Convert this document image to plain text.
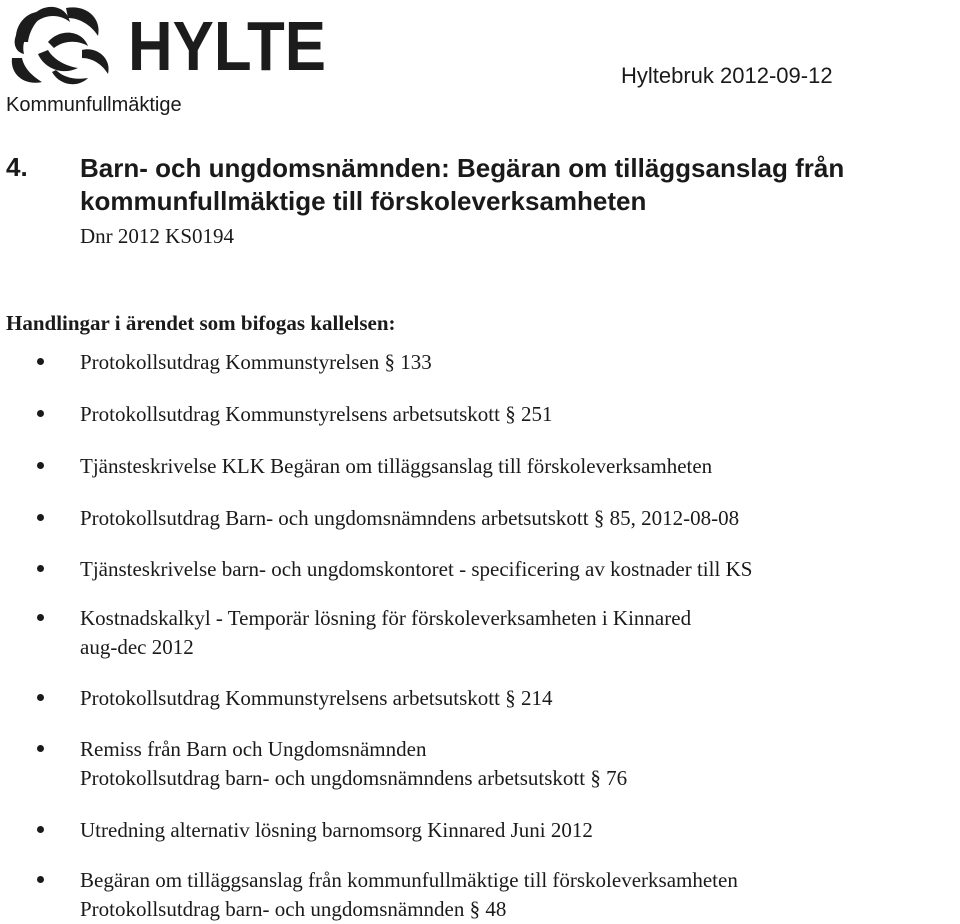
HYLTE
Kommunfullmäktige
Hyltebruk 2012-09-12
4. Barn- och ungdomsnämnden: Begäran om tilläggsanslag från kommunfullmäktige till förskoleverksamheten
Dnr 2012 KS0194
Handlingar i ärendet som bifogas kallelsen:
Protokollsutdrag Kommunstyrelsen § 133
Protokollsutdrag Kommunstyrelsens arbetsutskott § 251
Tjänsteskrivelse KLK Begäran om tilläggsanslag till förskoleverksamheten
Protokollsutdrag Barn- och ungdomsnämndens arbetsutskott § 85, 2012-08-08
Tjänsteskrivelse barn- och ungdomskontoret - specificering av kostnader till KS
Kostnadskalkyl - Temporär lösning för förskoleverksamheten i Kinnared
aug-dec 2012
Protokollsutdrag Kommunstyrelsens arbetsutskott § 214
Remiss från Barn och Ungdomsnämnden
Protokollsutdrag barn- och ungdomsnämndens arbetsutskott § 76
Utredning alternativ lösning barnomsorg Kinnared Juni 2012
Begäran om tilläggsanslag från kommunfullmäktige till förskoleverksamheten
Protokollsutdrag barn- och ungdomsnämnden § 48
